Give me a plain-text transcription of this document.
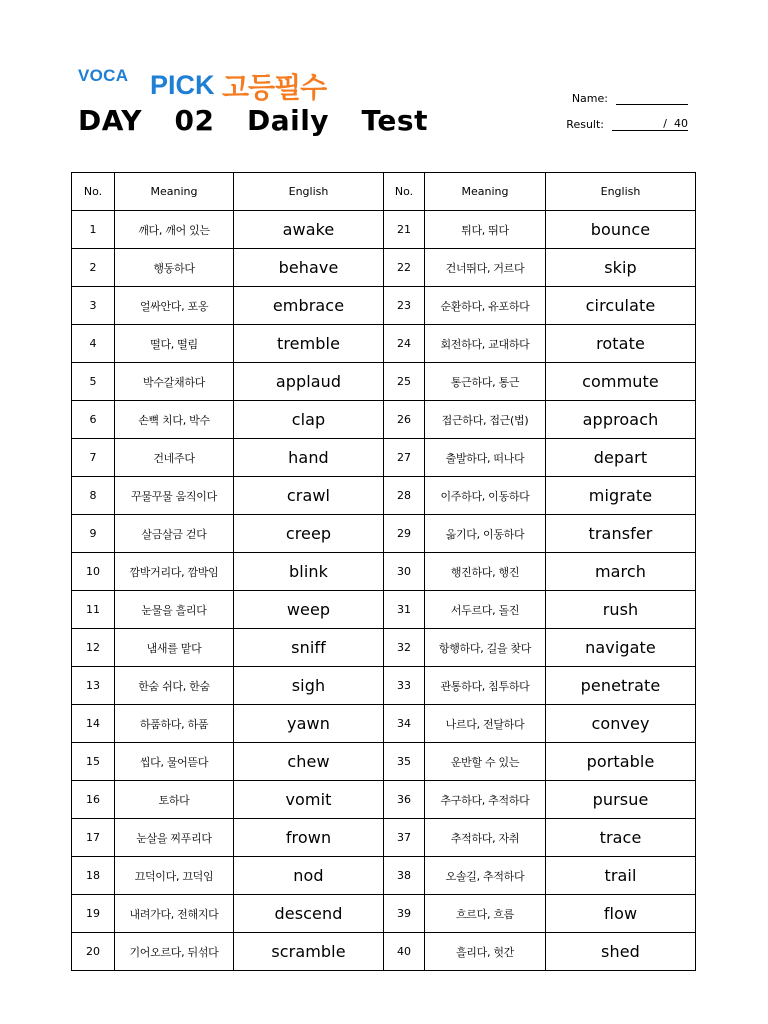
VOCA PICK 고등필수
DAY  02  Daily  Test
Name:
Result:	/  40
No.	Meaning	English	No.	Meaning	English
1	깨다, 깨어 있는	awake	21	튀다, 뛰다	bounce
2	행동하다	behave	22	건너뛰다, 거르다	skip
3	얼싸안다, 포옹	embrace	23	순환하다, 유포하다	circulate
4	떨다, 떨림	tremble	24	회전하다, 교대하다	rotate
5	박수갈채하다	applaud	25	통근하다, 통근	commute
6	손뼉 치다, 박수	clap	26	접근하다, 접근(법)	approach
7	건네주다	hand	27	출발하다, 떠나다	depart
8	꾸물꾸물 움직이다	crawl	28	이주하다, 이동하다	migrate
9	살금살금 걷다	creep	29	옮기다, 이동하다	transfer
10	깜박거리다, 깜박임	blink	30	행진하다, 행진	march
11	눈물을 흘리다	weep	31	서두르다, 돌진	rush
12	냄새를 맡다	sniff	32	항행하다, 길을 찾다	navigate
13	한숨 쉬다, 한숨	sigh	33	관통하다, 침투하다	penetrate
14	하품하다, 하품	yawn	34	나르다, 전달하다	convey
15	씹다, 물어뜯다	chew	35	운반할 수 있는	portable
16	토하다	vomit	36	추구하다, 추적하다	pursue
17	눈살을 찌푸리다	frown	37	추적하다, 자취	trace
18	끄덕이다, 끄덕임	nod	38	오솔길, 추적하다	trail
19	내려가다, 전해지다	descend	39	흐르다, 흐름	flow
20	기어오르다, 뒤섞다	scramble	40	흘리다, 헛간	shed
